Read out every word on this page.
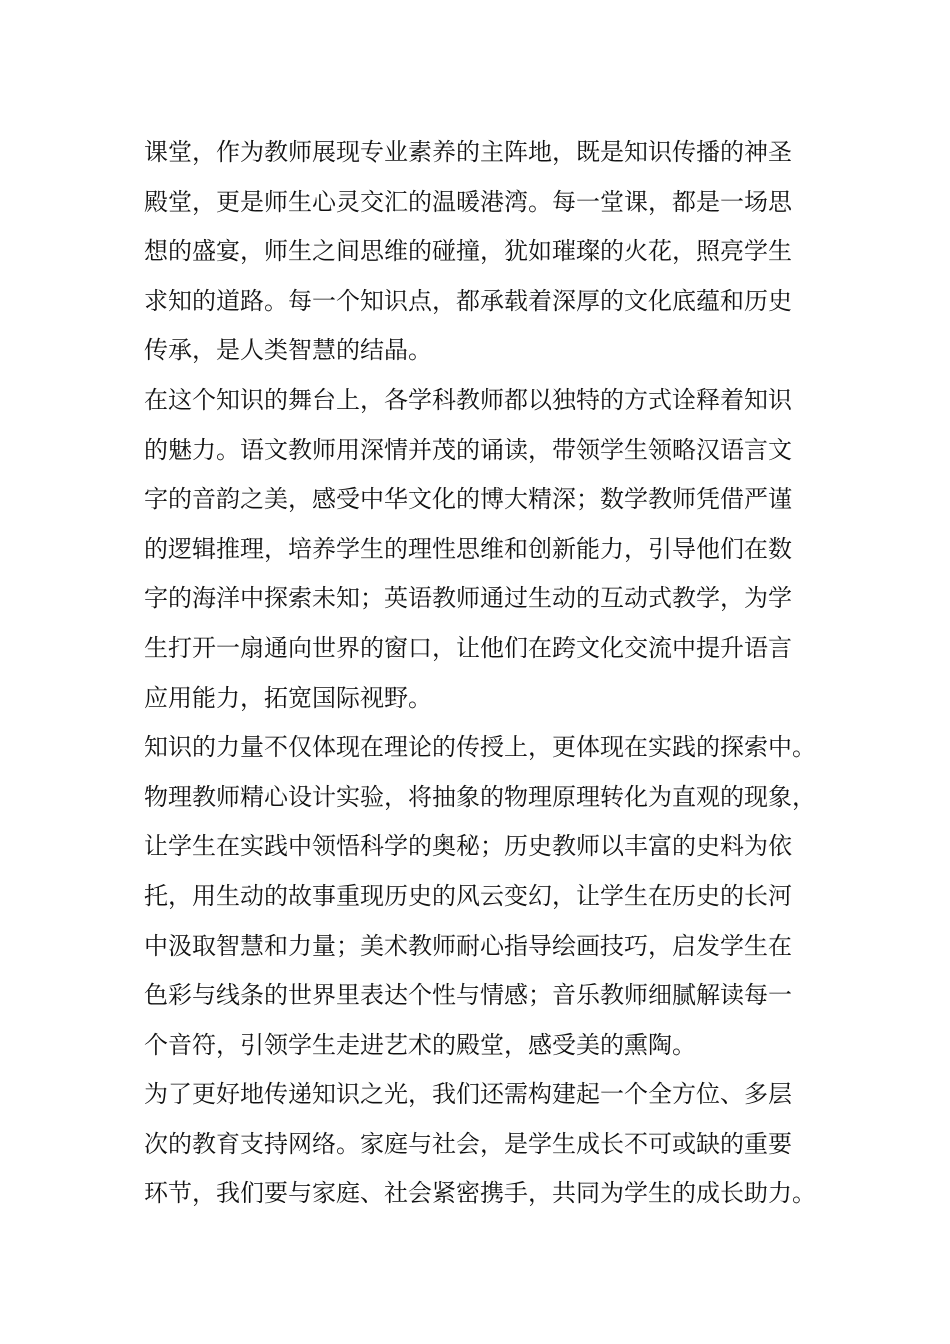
课堂，作为教师展现专业素养的主阵地，既是知识传播的神圣
殿堂，更是师生心灵交汇的温暖港湾。每一堂课，都是一场思
想的盛宴，师生之间思维的碰撞，犹如璀璨的火花，照亮学生
求知的道路。每一个知识点，都承载着深厚的文化底蕴和历史
传承，是人类智慧的结晶。
在这个知识的舞台上，各学科教师都以独特的方式诠释着知识
的魅力。语文教师用深情并茂的诵读，带领学生领略汉语言文
字的音韵之美，感受中华文化的博大精深；数学教师凭借严谨
的逻辑推理，培养学生的理性思维和创新能力，引导他们在数
字的海洋中探索未知；英语教师通过生动的互动式教学，为学
生打开一扇通向世界的窗口，让他们在跨文化交流中提升语言
应用能力，拓宽国际视野。
知识的力量不仅体现在理论的传授上，更体现在实践的探索中。
物理教师精心设计实验，将抽象的物理原理转化为直观的现象，
让学生在实践中领悟科学的奥秘；历史教师以丰富的史料为依
托，用生动的故事重现历史的风云变幻，让学生在历史的长河
中汲取智慧和力量；美术教师耐心指导绘画技巧，启发学生在
色彩与线条的世界里表达个性与情感；音乐教师细腻解读每一
个音符，引领学生走进艺术的殿堂，感受美的熏陶。
为了更好地传递知识之光，我们还需构建起一个全方位、多层
次的教育支持网络。家庭与社会，是学生成长不可或缺的重要
环节，我们要与家庭、社会紧密携手，共同为学生的成长助力。
